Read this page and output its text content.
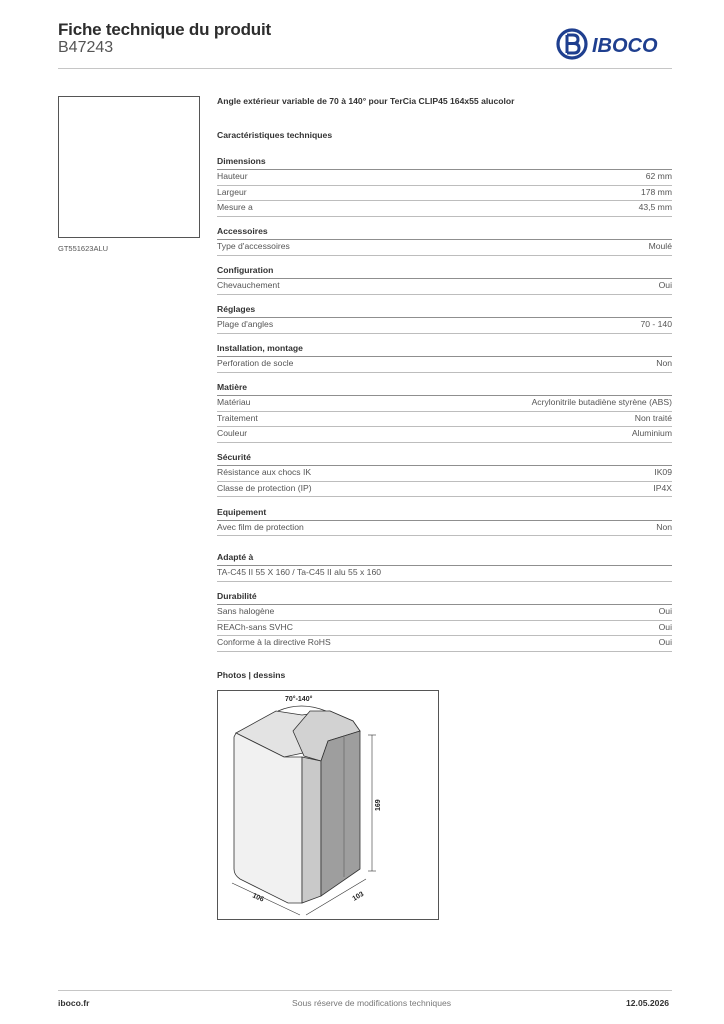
Fiche technique du produit
B47243	IBOCO
GT551623ALU
Angle extérieur variable de 70 à 140° pour TerCia CLIP45 164x55 alucolor
Caractéristiques techniques
Dimensions
Hauteur	62 mm
Largeur	178 mm
Mesure a	43,5 mm
Accessoires
Type d'accessoires	Moulé
Configuration
Chevauchement	Oui
Réglages
Plage d'angles	70 - 140
Installation, montage
Perforation de socle	Non
Matière
Matériau	Acrylonitrile butadiène styrène (ABS)
Traitement	Non traité
Couleur	Aluminium
Sécurité
Résistance aux chocs IK	IK09
Classe de protection (IP)	IP4X
Equipement
Avec film de protection	Non
Adapté à
TA-C45 II 55 X 160 / Ta-C45 II alu 55 x 160
Durabilité
Sans halogène	Oui
REACh-sans SVHC	Oui
Conforme à la directive RoHS	Oui
Photos | dessins
70°-140°
169
106	103
iboco.fr	Sous réserve de modifications techniques	12.05.2026
